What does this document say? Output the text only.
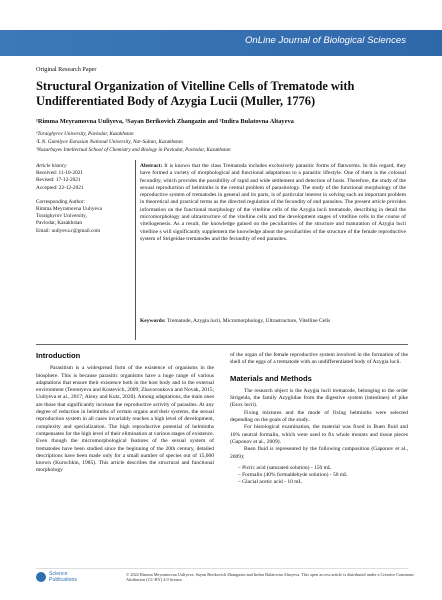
OnLine Journal of Biological Sciences
Original Research Paper
Structural Organization of Vitelline Cells of Trematode with Undifferentiated Body of Azygia Lucii (Muller, 1776)
¹Rimma Meyramovna Uuliyeva, ²Sayan Berikovich Zhangazin and ³Indira Bulatovna Altayeva
¹Toraighyrov University, Pavlodar, Kazakhstan
²L.N. Gumilyov Eurasian National University, Nur-Sultan, Kazakhstan
³Nazarbayev Intellectual School of Chemistry and Biology in Pavlodar, Pavlodar, Kazakhstan
Article history
Received: 11-10-2021
Revised: 17-12-2021
Accepted: 22-12-2021
Corresponding Author:
Rimma Meyramovna Uuliyeva
Toraighyrov University,
Pavlodar, Kazakhstan
Email: uuliyeva.r@gmail.com
Abstract: It is known that the class Trematoda includes exclusively parasitic forms of flatworms. In this regard, they have formed a variety of morphological and functional adaptations to a parasitic lifestyle. One of them is the colossal fecundity, which provides the possibility of rapid and wide settlement and detection of hosts. Therefore, the study of the sexual reproduction of helminths is the central problem of parasitology. The study of the functional morphology of the reproductive system of trematodes in general and its parts, is of particular interest in solving such an important problem in theoretical and practical terms as the directed regulation of the fecundity of end parasites. The present article provides information on the functional morphology of the vitelline cells of the Azygia lucii trematode, describing in detail the micromorphology and ultrastructure of the vitelline cells and the development stages of vitelline cells in the course of vitellogenesis. As a result, the knowledge gained on the peculiarities of the structure and maturation of Azygia lucii vitelline s will significantly supplement the knowledge about the peculiarities of the structure of the female reproductive system of Strigeidae trematodes and the fecundity of end parasites.
Keywords: Trematode, Azygia lucii, Micromorphology, Ultrastructure, Vitelline Cells
Introduction

Parasitism is a widespread form of the existence of organisms in the biosphere. This is because parasitic organisms have a huge range of various adaptations that ensure their existence both in the host body and in the external environment (Terentyeva and Kostevich, 2009; Zhavoronkova and Novak, 2015; Uuliyeva et al., 2017; Aleuy and Kutz, 2020). Among adaptations, the main ones are those that significantly increase the reproductive activity of parasites. At any degree of reduction in helminths of certain organs and their systems, the sexual reproduction system in all cases invariably reaches a high level of development, complexity and specialization. The high reproductive potential of helminths compensates for the high level of their elimination at various stages of existence. Even though the micromorphological features of the sexual system of trematodes have been studied since the beginning of the 20th century, detailed descriptions have been made only for a small number of species out of 15,000 known (Kurochkin, 1985). This article describes the structural and functional morphology

of the organ of the female reproductive system involved in the formation of the shell of the eggs of a trematode with an undifferentiated body of Azygia lucii.

Materials and Methods

The research object is the Azygia lucii trematode, belonging to the order Strigeida, the family Azygiidae from the digestive system (intestines) of pike (Esox lucii).

Fixing mixtures and the mode of fixing helminths were selected depending on the goals of the study.

For histological examination, the material was fixed in Buen fluid and 10% neutral formalin, which were used to fix whole mounts and tissue pieces (Gaponov et al., 2009).

Buen fluid is represented by the following composition (Gaponov et al., 2009):

– Picric acid (saturated solution) - 150 mL
– Formalin (40% formaldehyde solution) - 50 mL
– Glacial acetic acid - 10 mL
Science
Publications
© 2022 Rimma Meyramovna Uuliyeva, Sayan Berikovich Zhangazin and Indira Bulatovna Altayeva. This open access article is distributed under a Creative Commons Attribution (CC-BY) 4.0 license.
